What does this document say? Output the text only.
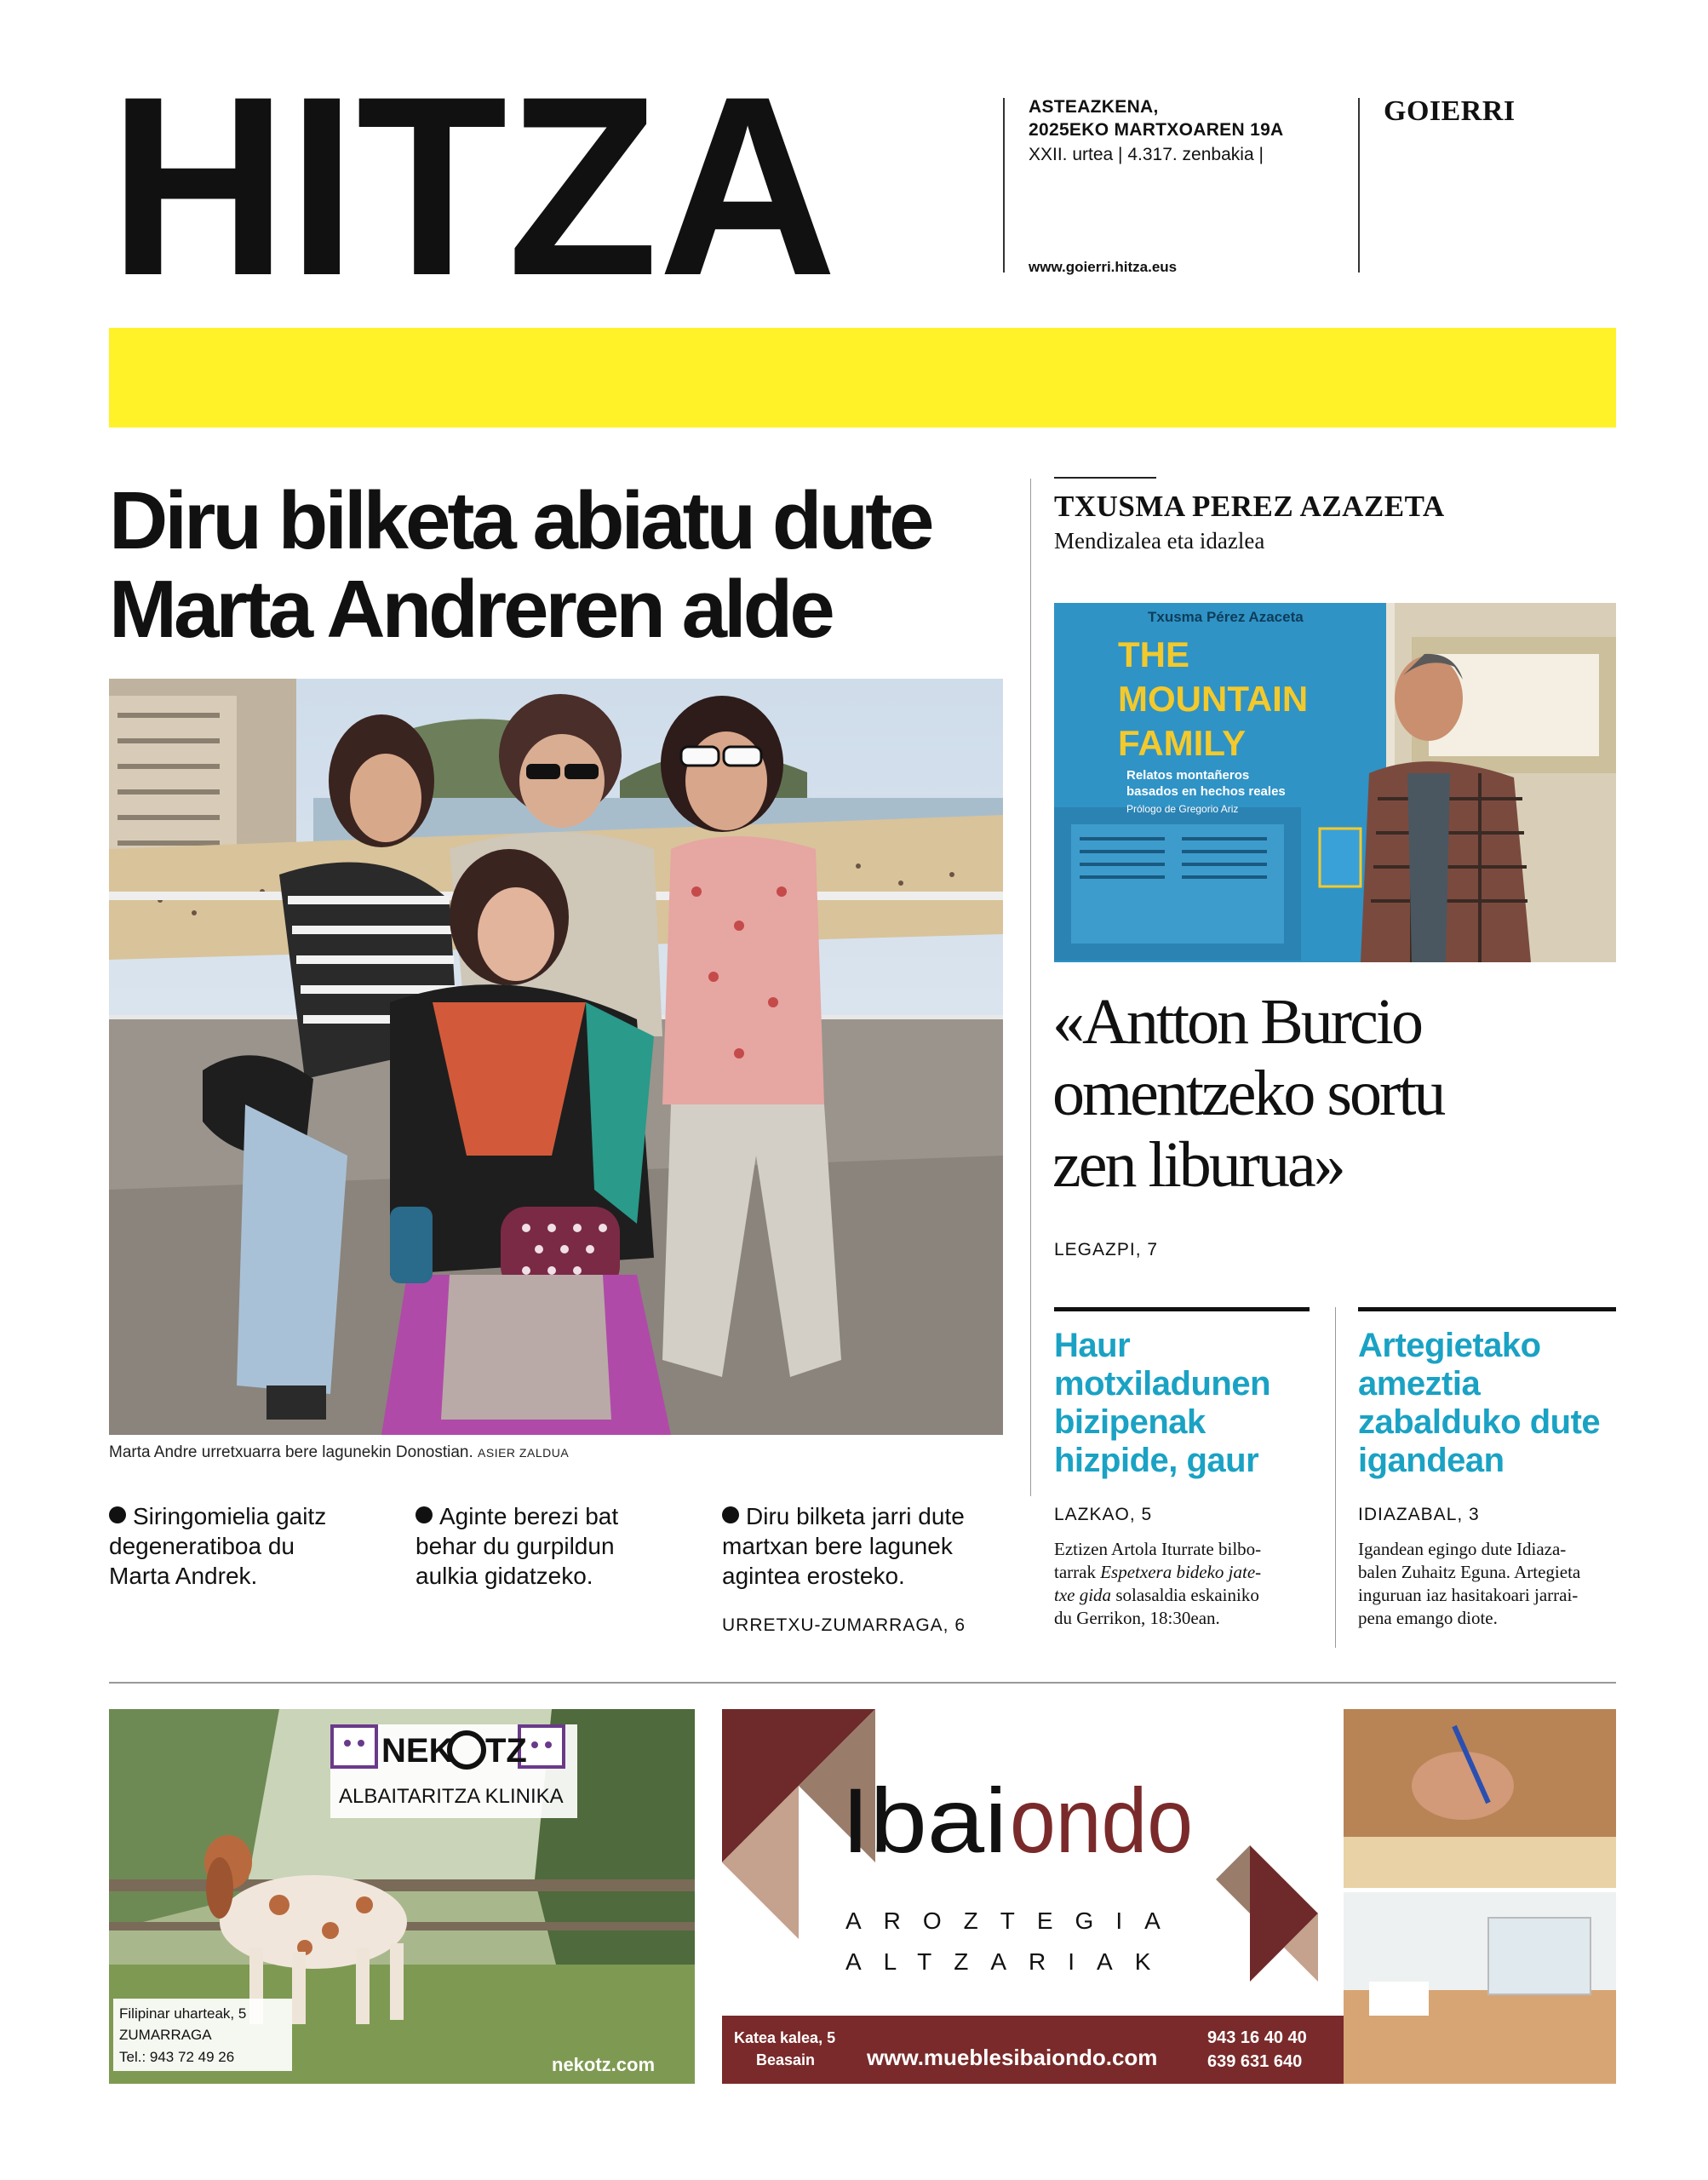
HITZA	ASTEAZKENA,
2025EKO MARTXOAREN 19A
XXII. urtea | 4.317. zenbakia |
www.goierri.hitza.eus
GOIERRI
Diru bilketa abiatu dute
Marta Andreren alde
Marta Andre urretxuarra bere lagunekin Donostian. ASIER ZALDUA
Siringomielia gaitz
degeneratiboa du
Marta Andrek.
Aginte berezi bat
behar du gurpildun
aulkia gidatzeko.
Diru bilketa jarri dute
martxan bere lagunek
agintea erosteko.
URRETXU-ZUMARRAGA, 6
TXUSMA PEREZ AZAZETA
Mendizalea eta idazlea
Txusma Pérez Azaceta
THE
MOUNTAIN
FAMILY
Relatos montañeros
basados en hechos reales
Prólogo de Gregorio Ariz
«Antton Burcio
omentzeko sortu
zen liburua»
LEGAZPI, 7
Haur
motxiladunen
bizipenak
hizpide, gaur
LAZKAO, 5
Eztizen Artola Iturrate bilbo-
tarrak Espetxera bideko jate-
txe gida solasaldia eskainiko
du Gerrikon, 18:30ean.
Artegietako
ameztia
zabalduko dute
igandean
IDIAZABAL, 3
Igandean egingo dute Idiaza-
balen Zuhaitz Eguna. Artegieta
inguruan iaz hasitakoari jarrai-
pena emango diote.
NEK TZ
ALBAITARITZA KLINIKA
Filipinar uharteak, 5
ZUMARRAGA
Tel.: 943 72 49 26	nekotz.com
Ibai ondo
AROZTEGIA
ALTZARIAK
Katea kalea, 5
Beasain www.mueblesibaiondo.com
943 16 40 40
639 631 640
